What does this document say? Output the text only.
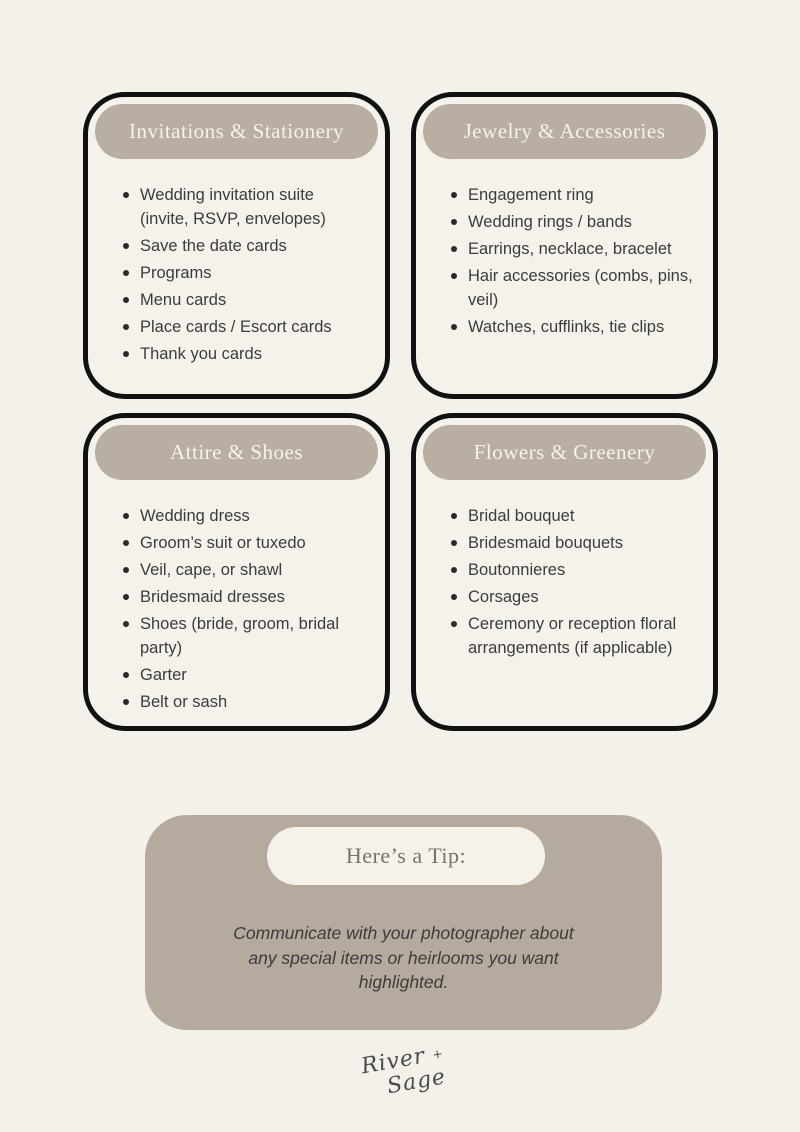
Invitations & Stationery
Wedding invitation suite (invite, RSVP, envelopes)
Save the date cards
Programs
Menu cards
Place cards / Escort cards
Thank you cards
Jewelry & Accessories
Engagement ring
Wedding rings / bands
Earrings, necklace, bracelet
Hair accessories (combs, pins, veil)
Watches, cufflinks, tie clips
Attire & Shoes
Wedding dress
Groom’s suit or tuxedo
Veil, cape, or shawl
Bridesmaid dresses
Shoes (bride, groom, bridal party)
Garter
Belt or sash
Flowers & Greenery
Bridal bouquet
Bridesmaid bouquets
Boutonnieres
Corsages
Ceremony or reception floral arrangements (if applicable)
Here’s a Tip:

Communicate with your photographer about any special items or heirlooms you want highlighted.

River +
Sage
